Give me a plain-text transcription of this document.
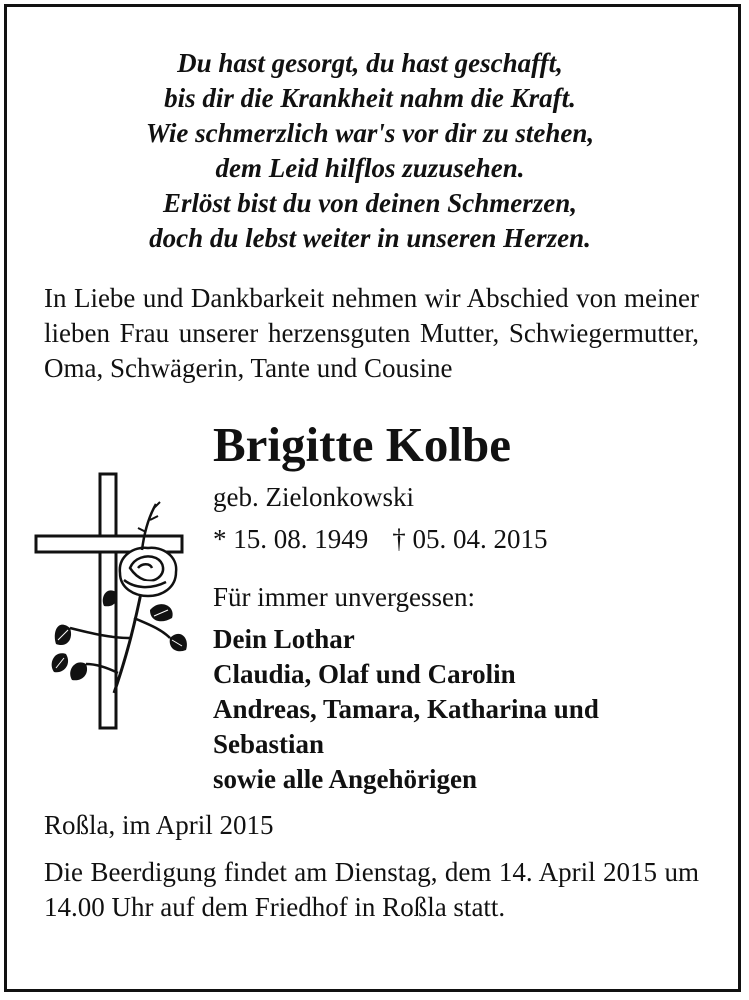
Du hast gesorgt, du hast geschafft,
bis dir die Krankheit nahm die Kraft.
Wie schmerzlich war's vor dir zu stehen,
dem Leid hilflos zuzusehen.
Erlöst bist du von deinen Schmerzen,
doch du lebst weiter in unseren Herzen.
In Liebe und Dankbarkeit nehmen wir Abschied von meiner lieben Frau unserer herzensguten Mutter, Schwiegermutter, Oma, Schwägerin, Tante und Cousine
Brigitte Kolbe
geb. Zielonkowski
* 15. 08. 1949 † 05. 04. 2015
Für immer unvergessen:
Dein Lothar
Claudia, Olaf und Carolin
Andreas, Tamara, Katharina und
Sebastian
sowie alle Angehörigen
Roßla, im April 2015
Die Beerdigung findet am Dienstag, dem 14. April 2015 um 14.00 Uhr auf dem Friedhof in Roßla statt.
